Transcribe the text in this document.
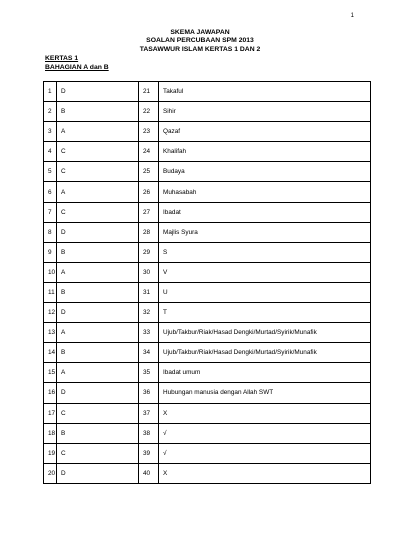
1
SKEMA JAWAPAN
SOALAN PERCUBAAN SPM 2013
TASAWWUR ISLAM KERTAS 1 DAN 2
KERTAS 1
BAHAGIAN A dan B
1	D	21	Takaful
2	B	22	Sihir
3	A	23	Qazaf
4	C	24	Khalifah
5	C	25	Budaya
6	A	26	Muhasabah
7	C	27	Ibadat
8	D	28	Majlis Syura
9	B	29	S
10	A	30	V
11	B	31	U
12	D	32	T
13	A	33	Ujub/Takbur/Riak/Hasad Dengki/Murtad/Syirik/Munafik
14	B	34	Ujub/Takbur/Riak/Hasad Dengki/Murtad/Syirik/Munafik
15	A	35	Ibadat umum
16	D	36	Hubungan manusia dengan Allah SWT
17	C	37	X
18	B	38	√
19	C	39	√
20	D	40	X
